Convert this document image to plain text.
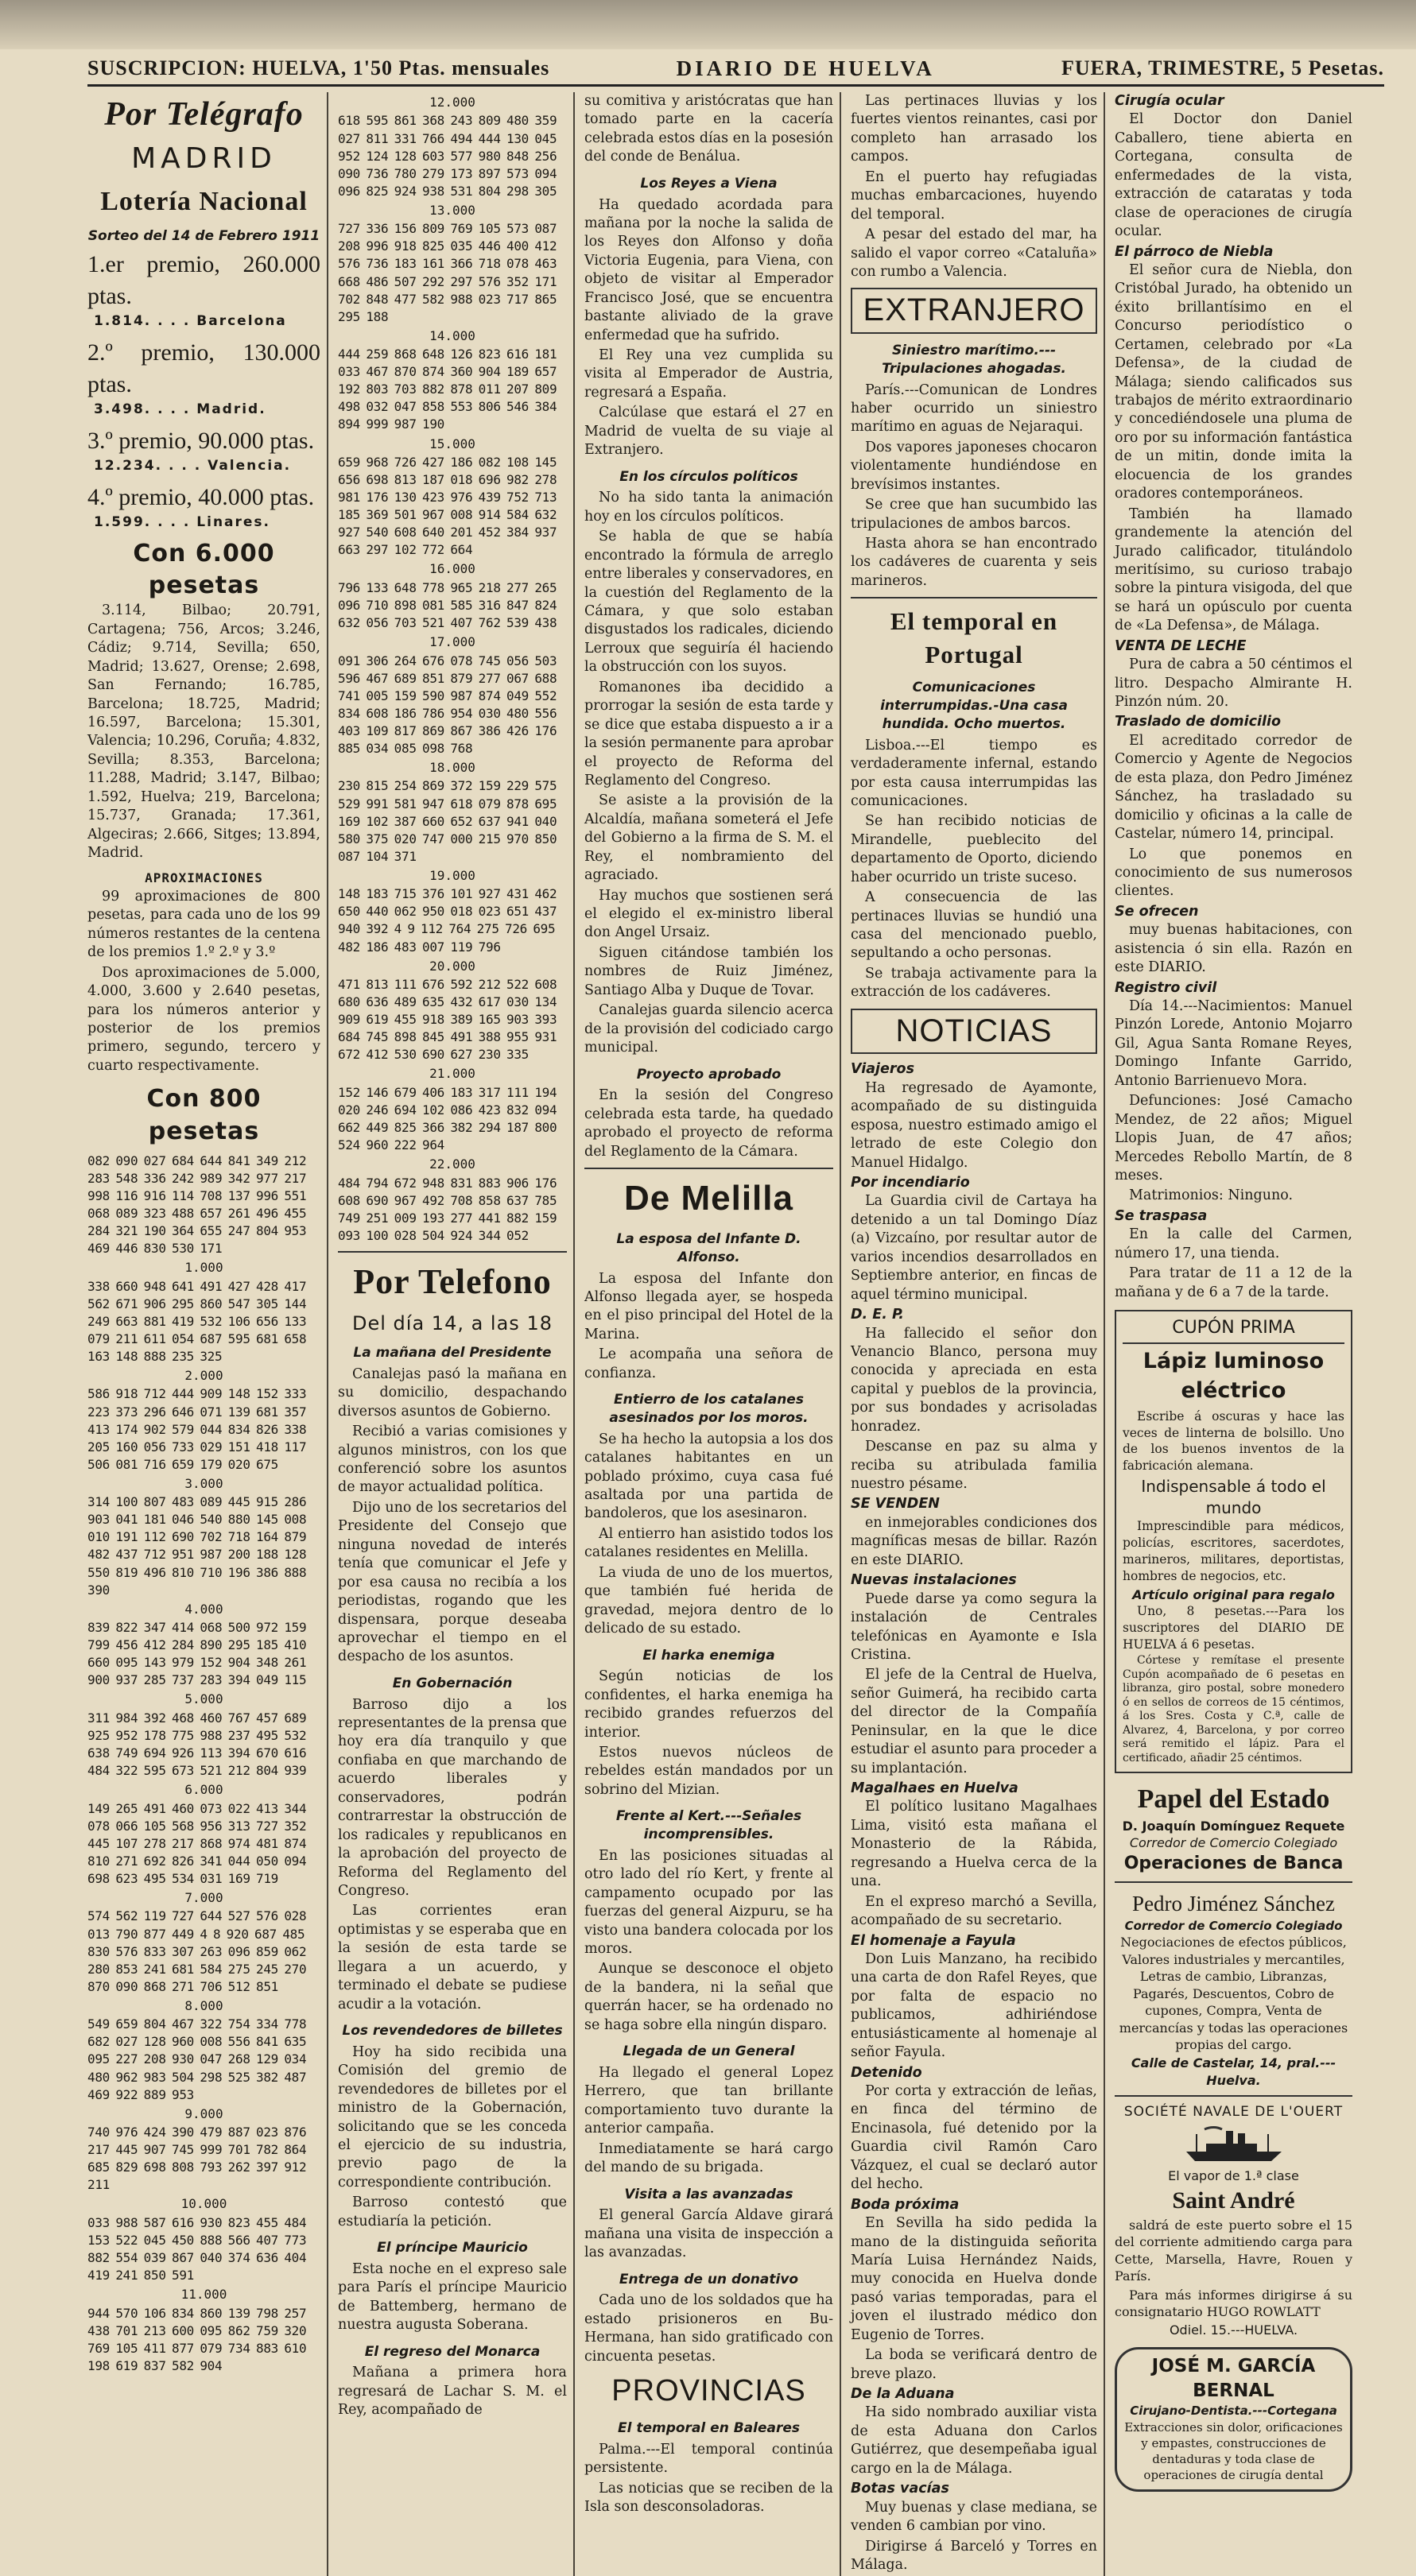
SUSCRIPCION: HUELVA, 1'50 Ptas. mensuales	DIARIO DE HUELVA	FUERA, TRIMESTRE, 5 Pesetas.
Por Telégrafo
MADRID
Lotería Nacional
Sorteo del 14 de Febrero 1911
1.er premio, 260.000 ptas.
1.814. . . . Barcelona
2.º premio, 130.000 ptas.
3.498. . . . Madrid.
3.º premio, 90.000 ptas.
12.234. . . . Valencia.
4.º premio, 40.000 ptas.
1.599. . . . Linares.
Con 6.000 pesetas

3.114, Bilbao; 20.791, Cartagena; 756, Arcos; 3.246, Cádiz; 9.714, Sevilla; 650, Madrid; 13.627, Orense; 2.698, San Fernando; 16.785, Barcelona; 18.725, Madrid; 16.597, Barcelona; 15.301, Valencia; 10.296, Coruña; 4.832, Sevilla; 8.353, Barcelona; 11.288, Madrid; 3.147, Bilbao; 1.592, Huelva; 219, Barcelona; 15.737, Granada; 17.361, Algeciras; 2.666, Sitges; 13.894, Madrid.

APROXIMACIONES

99 aproximaciones de 800 pesetas, para cada uno de los 99 números restantes de la centena de los premios 1.º 2.º y 3.º

Dos aproximaciones de 5.000, 4.000, 3.600 y 2.640 pesetas, para los números anterior y posterior de los premios primero, segundo, tercero y cuarto respectivamente.

Con 800 pesetas

082 090 027 684 644 841 349 212 283 548 336 242 989 342 977 217 998 116 916 114 708 137 996 551 068 089 323 488 657 261 496 455 284 321 190 364 655 247 804 953 469 446 830 530 171

1.000

338 660 948 641 491 427 428 417 562 671 906 295 860 547 305 144 249 663 881 419 532 106 656 133 079 211 611 054 687 595 681 658 163 148 888 235 325

2.000

586 918 712 444 909 148 152 333 223 373 296 646 071 139 681 357 413 174 902 579 044 834 826 338 205 160 056 733 029 151 418 117 506 081 716 659 179 020 675

3.000

314 100 807 483 089 445 915 286 903 041 181 046 540 880 145 008 010 191 112 690 702 718 164 879 482 437 712 951 987 200 188 128 550 819 496 810 710 196 386 888 390

4.000

839 822 347 414 068 500 972 159 799 456 412 284 890 295 185 410 660 095 143 979 152 904 348 261 900 937 285 737 283 394 049 115

5.000

311 984 392 468 460 767 457 689 925 952 178 775 988 237 495 532 638 749 694 926 113 394 670 616 484 322 595 673 521 212 804 939

6.000

149 265 491 460 073 022 413 344 078 066 105 568 956 313 727 352 445 107 278 217 868 974 481 874 810 271 692 826 341 044 050 094 698 623 495 534 031 169 719

7.000

574 562 119 727 644 527 576 028 013 790 877 449 4 8 920 687 485 830 576 833 307 263 096 859 062 280 853 241 681 584 275 245 270 870 090 868 271 706 512 851

8.000

549 659 804 467 322 754 334 778 682 027 128 960 008 556 841 635 095 227 208 930 047 268 129 034 480 962 983 504 298 525 382 487 469 922 889 953

9.000

740 976 424 390 479 887 023 876 217 445 907 745 999 701 782 864 685 829 698 808 793 262 397 912 211

10.000

033 988 587 616 930 823 455 484 153 522 045 450 888 566 407 773 882 554 039 867 040 374 636 404 419 241 850 591

11.000

944 570 106 834 860 139 798 257 438 701 213 600 095 862 759 320 769 105 411 877 079 734 883 610 198 619 837 582 904

12.000

618 595 861 368 243 809 480 359 027 811 331 766 494 444 130 045 952 124 128 603 577 980 848 256 090 736 780 279 173 897 573 094 096 825 924 938 531 804 298 305

13.000

727 336 156 809 769 105 573 087 208 996 918 825 035 446 400 412 576 736 183 161 366 718 078 463 668 486 507 292 297 576 352 171 702 848 477 582 988 023 717 865 295 188

14.000

444 259 868 648 126 823 616 181 033 467 870 874 360 904 189 657 192 803 703 882 878 011 207 809 498 032 047 858 553 806 546 384 894 999 987 190

15.000

659 968 726 427 186 082 108 145 656 698 813 187 018 696 982 278 981 176 130 423 976 439 752 713 185 369 501 967 008 914 584 632 927 540 608 640 201 452 384 937 663 297 102 772 664

16.000

796 133 648 778 965 218 277 265 096 710 898 081 585 316 847 824 632 056 703 521 407 762 539 438

17.000

091 306 264 676 078 745 056 503 596 467 689 851 879 277 067 688 741 005 159 590 987 874 049 552 834 608 186 786 954 030 480 556 403 109 817 869 867 386 426 176 885 034 085 098 768

18.000

230 815 254 869 372 159 229 575 529 991 581 947 618 079 878 695 169 102 387 660 652 637 941 040 580 375 020 747 000 215 970 850 087 104 371

19.000

148 183 715 376 101 927 431 462 650 440 062 950 018 023 651 437 940 392 4 9 112 764 275 726 695 482 186 483 007 119 796

20.000

471 813 111 676 592 212 522 608 680 636 489 635 432 617 030 134 909 619 455 918 389 165 903 393 684 745 898 845 491 388 955 931 672 412 530 690 627 230 335

21.000

152 146 679 406 183 317 111 194 020 246 694 102 086 423 832 094 662 449 825 366 382 294 187 800 524 960 222 964

22.000

484 794 672 948 831 883 906 176 608 690 967 492 708 858 637 785 749 251 009 193 277 441 882 159 093 100 028 504 924 344 052

Por Telefono
Del día 14, a las 18
La mañana del Presidente

Canalejas pasó la mañana en su domicilio, despachando diversos asuntos de Gobierno.

Recibió a varias comisiones y algunos ministros, con los que conferenció sobre los asuntos de mayor actualidad política.

Dijo uno de los secretarios del Presidente del Consejo que ninguna novedad de interés tenía que comunicar el Jefe y por esa causa no recibía a los periodistas, rogando que les dispensara, porque deseaba aprovechar el tiempo en el despacho de los asuntos.

En Gobernación

Barroso dijo a los representantes de la prensa que hoy era día tranquilo y que confiaba en que marchando de acuerdo liberales y conservadores, podrán contrarrestar la obstrucción de los radicales y republicanos en la aprobación del proyecto de Reforma del Reglamento del Congreso.

Las corrientes eran optimistas y se esperaba que en la sesión de esta tarde se llegara a un acuerdo, y terminado el debate se pudiese acudir a la votación.

Los revendedores de billetes

Hoy ha sido recibida una Comisión del gremio de revendedores de billetes por el ministro de la Gobernación, solicitando que se les conceda el ejercicio de su industria, previo pago de la correspondiente contribución.

Barroso contestó que estudiaría la petición.

El príncipe Mauricio

Esta noche en el expreso sale para París el príncipe Mauricio de Battemberg, hermano de nuestra augusta Soberana.

El regreso del Monarca

Mañana a primera hora regresará de Lachar S. M. el Rey, acompañado de

su comitiva y aristócratas que han tomado parte en la cacería celebrada estos días en la posesión del conde de Benálua.

Los Reyes a Viena

Ha quedado acordada para mañana por la noche la salida de los Reyes don Alfonso y doña Victoria Eugenia, para Viena, con objeto de visitar al Emperador Francisco José, que se encuentra bastante aliviado de la grave enfermedad que ha sufrido.

El Rey una vez cumplida su visita al Emperador de Austria, regresará a España.

Calcúlase que estará el 27 en Madrid de vuelta de su viaje al Extranjero.

En los círculos políticos

No ha sido tanta la animación hoy en los círculos políticos.

Se habla de que se había encontrado la fórmula de arreglo entre liberales y conservadores, en la cuestión del Reglamento de la Cámara, y que solo estaban disgustados los radicales, diciendo Lerroux que seguiría él haciendo la obstrucción con los suyos.

Romanones iba decidido a prorrogar la sesión de esta tarde y se dice que estaba dispuesto a ir a la sesión permanente para aprobar el proyecto de Reforma del Reglamento del Congreso.

Se asiste a la provisión de la Alcaldía, mañana someterá el Jefe del Gobierno a la firma de S. M. el Rey, el nombramiento del agraciado.

Hay muchos que sostienen será el elegido el ex-ministro liberal don Angel Ursaiz.

Siguen citándose también los nombres de Ruiz Jiménez, Santiago Alba y Duque de Tovar.

Canalejas guarda silencio acerca de la provisión del codiciado cargo municipal.

Proyecto aprobado

En la sesión del Congreso celebrada esta tarde, ha quedado aprobado el proyecto de reforma del Reglamento de la Cámara.

De Melilla
La esposa del Infante D. Alfonso.

La esposa del Infante don Alfonso llegada ayer, se hospeda en el piso principal del Hotel de la Marina.

Le acompaña una señora de confianza.

Entierro de los catalanes asesinados por los moros.

Se ha hecho la autopsia a los dos catalanes habitantes en un poblado próximo, cuya casa fué asaltada por una partida de bandoleros, que los asesinaron.

Al entierro han asistido todos los catalanes residentes en Melilla.

La viuda de uno de los muertos, que también fué herida de gravedad, mejora dentro de lo delicado de su estado.

El harka enemiga

Según noticias de los confidentes, el harka enemiga ha recibido grandes refuerzos del interior.

Estos nuevos núcleos de rebeldes están mandados por un sobrino del Mizian.

Frente al Kert.---Señales incomprensibles.

En las posiciones situadas al otro lado del río Kert, y frente al campamento ocupado por las fuerzas del general Aizpuru, se ha visto una bandera colocada por los moros.

Aunque se desconoce el objeto de la bandera, ni la señal que querrán hacer, se ha ordenado no se haga sobre ella ningún disparo.

Llegada de un General

Ha llegado el general Lopez Herrero, que tan brillante comportamiento tuvo durante la anterior campaña.

Inmediatamente se hará cargo del mando de su brigada.

Visita a las avanzadas

El general García Aldave girará mañana una visita de inspección a las avanzadas.

Entrega de un donativo

Cada uno de los soldados que ha estado prisioneros en Bu-Hermana, han sido gratificado con cincuenta pesetas.

PROVINCIAS
El temporal en Baleares

Palma.---El temporal continúa persistente.

Las noticias que se reciben de la Isla son desconsoladoras.

Las pertinaces lluvias y los fuertes vientos reinantes, casi por completo han arrasado los campos.

En el puerto hay refugiadas muchas embarcaciones, huyendo del temporal.

A pesar del estado del mar, ha salido el vapor correo «Cataluña» con rumbo a Valencia.

EXTRANJERO
Siniestro marítimo.---Tripulaciones ahogadas.

París.---Comunican de Londres haber ocurrido un siniestro marítimo en aguas de Nejaraqui.

Dos vapores japoneses chocaron violentamente hundiéndose en brevísimos instantes.

Se cree que han sucumbido las tripulaciones de ambos barcos.

Hasta ahora se han encontrado los cadáveres de cuarenta y seis marineros.

El temporal en Portugal
Comunicaciones interrumpidas.-Una casa hundida. Ocho muertos.

Lisboa.---El tiempo es verdaderamente infernal, estando por esta causa interrumpidas las comunicaciones.

Se han recibido noticias de Mirandelle, pueblecito del departamento de Oporto, diciendo haber ocurrido un triste suceso.

A consecuencia de las pertinaces lluvias se hundió una casa del mencionado pueblo, sepultando a ocho personas.

Se trabaja activamente para la extracción de los cadáveres.

NOTICIAS
Viajeros

Ha regresado de Ayamonte, acompañado de su distinguida esposa, nuestro estimado amigo el letrado de este Colegio don Manuel Hidalgo.

Por incendiario

La Guardia civil de Cartaya ha detenido a un tal Domingo Díaz (a) Vizcaíno, por resultar autor de varios incendios desarrollados en Septiembre anterior, en fincas de aquel término municipal.

D. E. P.

Ha fallecido el señor don Venancio Blanco, persona muy conocida y apreciada en esta capital y pueblos de la provincia, por sus bondades y acrisoladas honradez.

Descanse en paz su alma y reciba su atribulada familia nuestro pésame.

SE VENDEN

en inmejorables condiciones dos magníficas mesas de billar. Razón en este DIARIO.

Nuevas instalaciones

Puede darse ya como segura la instalación de Centrales telefónicas en Ayamonte e Isla Cristina.

El jefe de la Central de Huelva, señor Guimerá, ha recibido carta del director de la Compañía Peninsular, en la que le dice estudiar el asunto para proceder a su implantación.

Magalhaes en Huelva

El político lusitano Magalhaes Lima, visitó esta mañana el Monasterio de la Rábida, regresando a Huelva cerca de la una.

En el expreso marchó a Sevilla, acompañado de su secretario.

El homenaje a Fayula

Don Luis Manzano, ha recibido una carta de don Rafel Reyes, que por falta de espacio no publicamos, adhiriéndose entusiásticamente al homenaje al señor Fayula.

Detenido

Por corta y extracción de leñas, en finca del término de Encinasola, fué detenido por la Guardia civil Ramón Caro Vázquez, el cual se declaró autor del hecho.

Boda próxima

En Sevilla ha sido pedida la mano de la distinguida señorita María Luisa Hernández Naids, muy conocida en Huelva donde pasó varias temporadas, para el joven el ilustrado médico don Eugenio de Torres.

La boda se verificará dentro de breve plazo.

De la Aduana

Ha sido nombrado auxiliar vista de esta Aduana don Carlos Gutiérrez, que desempeñaba igual cargo en la de Málaga.

Botas vacías

Muy buenas y clase mediana, se venden 6 cambian por vino.

Dirigirse á Barceló y Torres en Málaga.

Cirugía ocular

El Doctor don Daniel Caballero, tiene abierta en Cortegana, consulta de enfermedades de la vista, extracción de cataratas y toda clase de operaciones de cirugía ocular.

El párroco de Niebla

El señor cura de Niebla, don Cristóbal Jurado, ha obtenido un éxito brillantísimo en el Concurso periodístico o Certamen, celebrado por «La Defensa», de la ciudad de Málaga; siendo calificados sus trabajos de mérito extraordinario y concediéndosele una pluma de oro por su información fantástica de un mitin, donde imita la elocuencia de los grandes oradores contemporáneos.

También ha llamado grandemente la atención del Jurado calificador, titulándolo meritísimo, su curioso trabajo sobre la pintura visigoda, del que se hará un opúsculo por cuenta de «La Defensa», de Málaga.

VENTA DE LECHE

Pura de cabra a 50 céntimos el litro. Despacho Almirante H. Pinzón núm. 20.

Traslado de domicilio

El acreditado corredor de Comercio y Agente de Negocios de esta plaza, don Pedro Jiménez Sánchez, ha trasladado su domicilio y oficinas a la calle de Castelar, número 14, principal.

Lo que ponemos en conocimiento de sus numerosos clientes.

Se ofrecen

muy buenas habitaciones, con asistencia ó sin ella. Razón en este DIARIO.

Registro civil

Día 14.---Nacimientos: Manuel Pinzón Lorede, Antonio Mojarro Gil, Agua Santa Romane Reyes, Domingo Infante Garrido, Antonio Barrienuevo Mora.

Defunciones: José Camacho Mendez, de 22 años; Miguel Llopis Juan, de 47 años; Mercedes Rebollo Martín, de 8 meses.

Matrimonios: Ninguno.

Se traspasa

En la calle del Carmen, número 17, una tienda.

Para tratar de 11 a 12 de la mañana y de 6 a 7 de la tarde.

CUPÓN PRIMA
Lápiz luminoso eléctrico

Escribe á oscuras y hace las veces de linterna de bolsillo. Uno de los buenos inventos de la fabricación alemana.

Indispensable á todo el mundo

Imprescindible para médicos, policías, escritores, sacerdotes, marineros, militares, deportistas, hombres de negocios, etc.

Artículo original para regalo

Uno, 8 pesetas.---Para los suscriptores del DIARIO DE HUELVA á 6 pesetas.

Córtese y remítase el presente Cupón acompañado de 6 pesetas en libranza, giro postal, sobre monedero ó en sellos de correos de 15 céntimos, á los Sres. Costa y C.ª, calle de Alvarez, 4, Barcelona, y por correo será remitido el lápiz. Para el certificado, añadir 25 céntimos.

Papel del Estado
D. Joaquín Domínguez Requete
Corredor de Comercio Colegiado
Operaciones de Banca
Pedro Jiménez Sánchez
Corredor de Comercio Colegiado

Negociaciones de efectos públicos, Valores industriales y mercantiles, Letras de cambio, Libranzas, Pagarés, Descuentos, Cobro de cupones, Compra, Venta de mercancías y todas las operaciones propias del cargo.

Calle de Castelar, 14, pral.---Huelva.
SOCIÉTÉ NAVALE DE L'OUERT
El vapor de 1.ª clase
Saint André

saldrá de este puerto sobre el 15 del corriente admitiendo carga para Cette, Marsella, Havre, Rouen y París.

Para más informes dirigirse á su consignatario HUGO ROWLATT

Odiel. 15.---HUELVA.
JOSÉ M. GARCÍA BERNAL
Cirujano-Dentista.---Cortegana

Extracciones sin dolor, orificaciones y empastes, construcciones de dentaduras y toda clase de operaciones de cirugía dental
